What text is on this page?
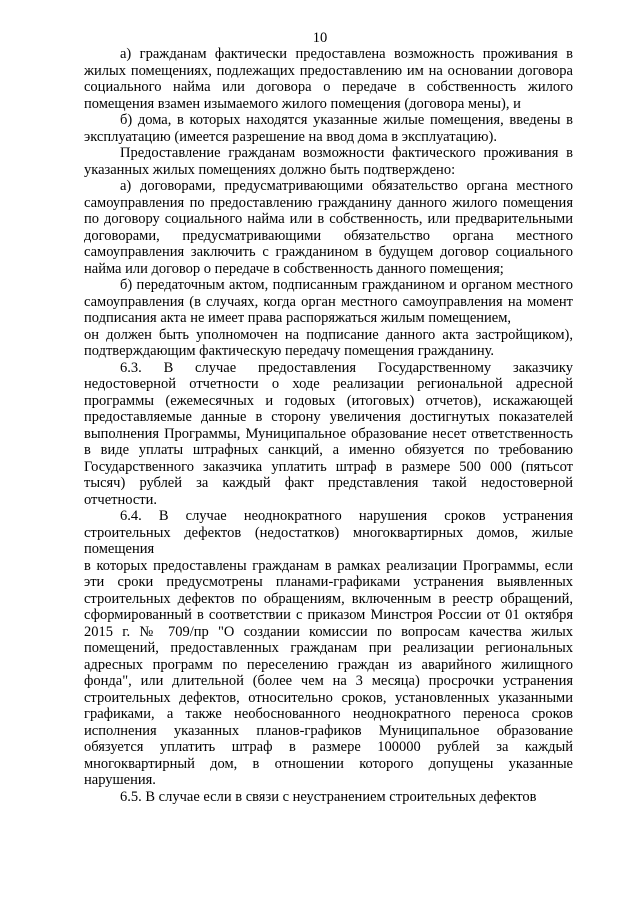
10

а) гражданам фактически предоставлена возможность проживания в жилых помещениях, подлежащих предоставлению им на основании договора социального найма или договора о передаче в собственность жилого помещения взамен изымаемого жилого помещения (договора мены), и

б) дома, в которых находятся указанные жилые помещения, введены в эксплуатацию (имеется разрешение на ввод дома в эксплуатацию).

Предоставление гражданам возможности фактического проживания в указанных жилых помещениях должно быть подтверждено:

а) договорами, предусматривающими обязательство органа местного самоуправления по предоставлению гражданину данного жилого помещения по договору социального найма или в собственность, или предварительными договорами, предусматривающими обязательство органа местного самоуправления заключить с гражданином в будущем договор социального найма или договор о передаче в собственность данного помещения;

б) передаточным актом, подписанным гражданином и органом местного самоуправления (в случаях, когда орган местного самоуправления на момент подписания акта не имеет права распоряжаться жилым помещением,

он должен быть уполномочен на подписание данного акта застройщиком), подтверждающим фактическую передачу помещения гражданину.

6.3. В случае предоставления Государственному заказчику недостоверной отчетности о ходе реализации региональной адресной программы (ежемесячных и годовых (итоговых) отчетов), искажающей предоставляемые данные в сторону увеличения достигнутых показателей выполнения Программы, Муниципальное образование несет ответственность в виде уплаты штрафных санкций, а именно обязуется по требованию Государственного заказчика уплатить штраф в размере 500 000 (пятьсот тысяч) рублей за каждый факт представления такой недостоверной отчетности.

6.4. В случае неоднократного нарушения сроков устранения строительных дефектов (недостатков) многоквартирных домов, жилые помещения

в которых предоставлены гражданам в рамках реализации Программы, если эти сроки предусмотрены планами-графиками устранения выявленных строительных дефектов по обращениям, включенным в реестр обращений, сформированный в соответствии с приказом Минстроя России от 01 октября 2015 г. № 709/пр "О создании комиссии по вопросам качества жилых помещений, предоставленных гражданам при реализации региональных адресных программ по переселению граждан из аварийного жилищного фонда", или длительной (более чем на 3 месяца) просрочки устранения строительных дефектов, относительно сроков, установленных указанными графиками, а также необоснованного неоднократного переноса сроков исполнения указанных планов-графиков Муниципальное образование обязуется уплатить штраф в размере 100000 рублей за каждый многоквартирный дом, в отношении которого допущены указанные нарушения.

6.5. В случае если в связи с неустранением строительных дефектов
